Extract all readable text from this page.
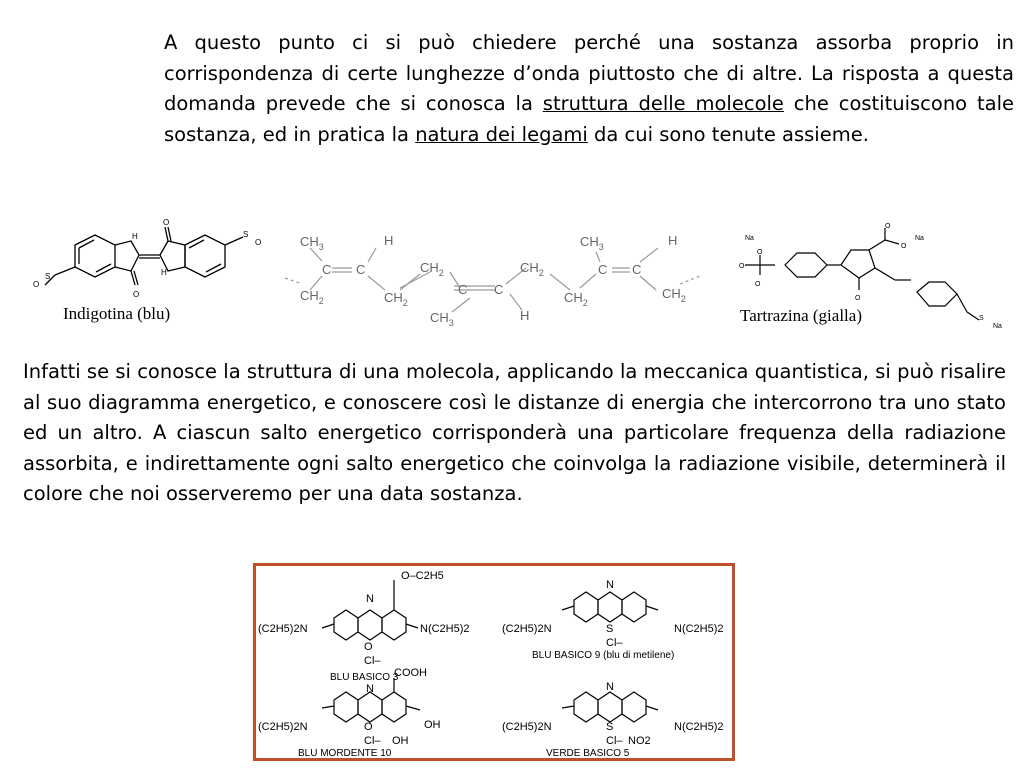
A questo punto ci si può chiedere perché una sostanza assorba proprio in corrispondenza di certe lunghezze d’onda piuttosto che di altre. La risposta a questa domanda prevede che si conosca la struttura delle molecole che costituiscono tale sostanza, ed in pratica la natura dei legami da cui sono tenute assieme.
H
H
O
O
S
O
S
O
Indigotina (blu)
$CH_3$	H
C C	$CH_2$
$CH_2$	$CH_2$
C C
$CH_2$
$CH_3$	H
$CH_3$	H
C C
$CH_2$
$CH_2$
Na
O
O
O
O
O
Na
O
S
Na
Tartrazina (gialla)
Infatti se si conosce la struttura di una molecola, applicando la meccanica quantistica, si può risalire al suo diagramma energetico, e conoscere così le distanze di energia che intercorrono tra uno stato ed un altro. A ciascun salto energetico corrisponderà una particolare frequenza della radiazione assorbita, e indirettamente ogni salto energetico che coinvolga la radiazione visibile, determinerà il colore che noi osserveremo per una data sostanza.
O–C2H5
N
(C2H5)2N	N(C2H5)2
O
Cl–
BLU BASICO 3
N
(C2H5)2N	N(C2H5)2
S
Cl–
BLU BASICO 9 (blu di metilene)
COOH
N
(C2H5)2N	OH
O
Cl– OH
BLU MORDENTE 10
N
(C2H5)2N	N(C2H5)2
S
Cl– NO2
VERDE BASICO 5
